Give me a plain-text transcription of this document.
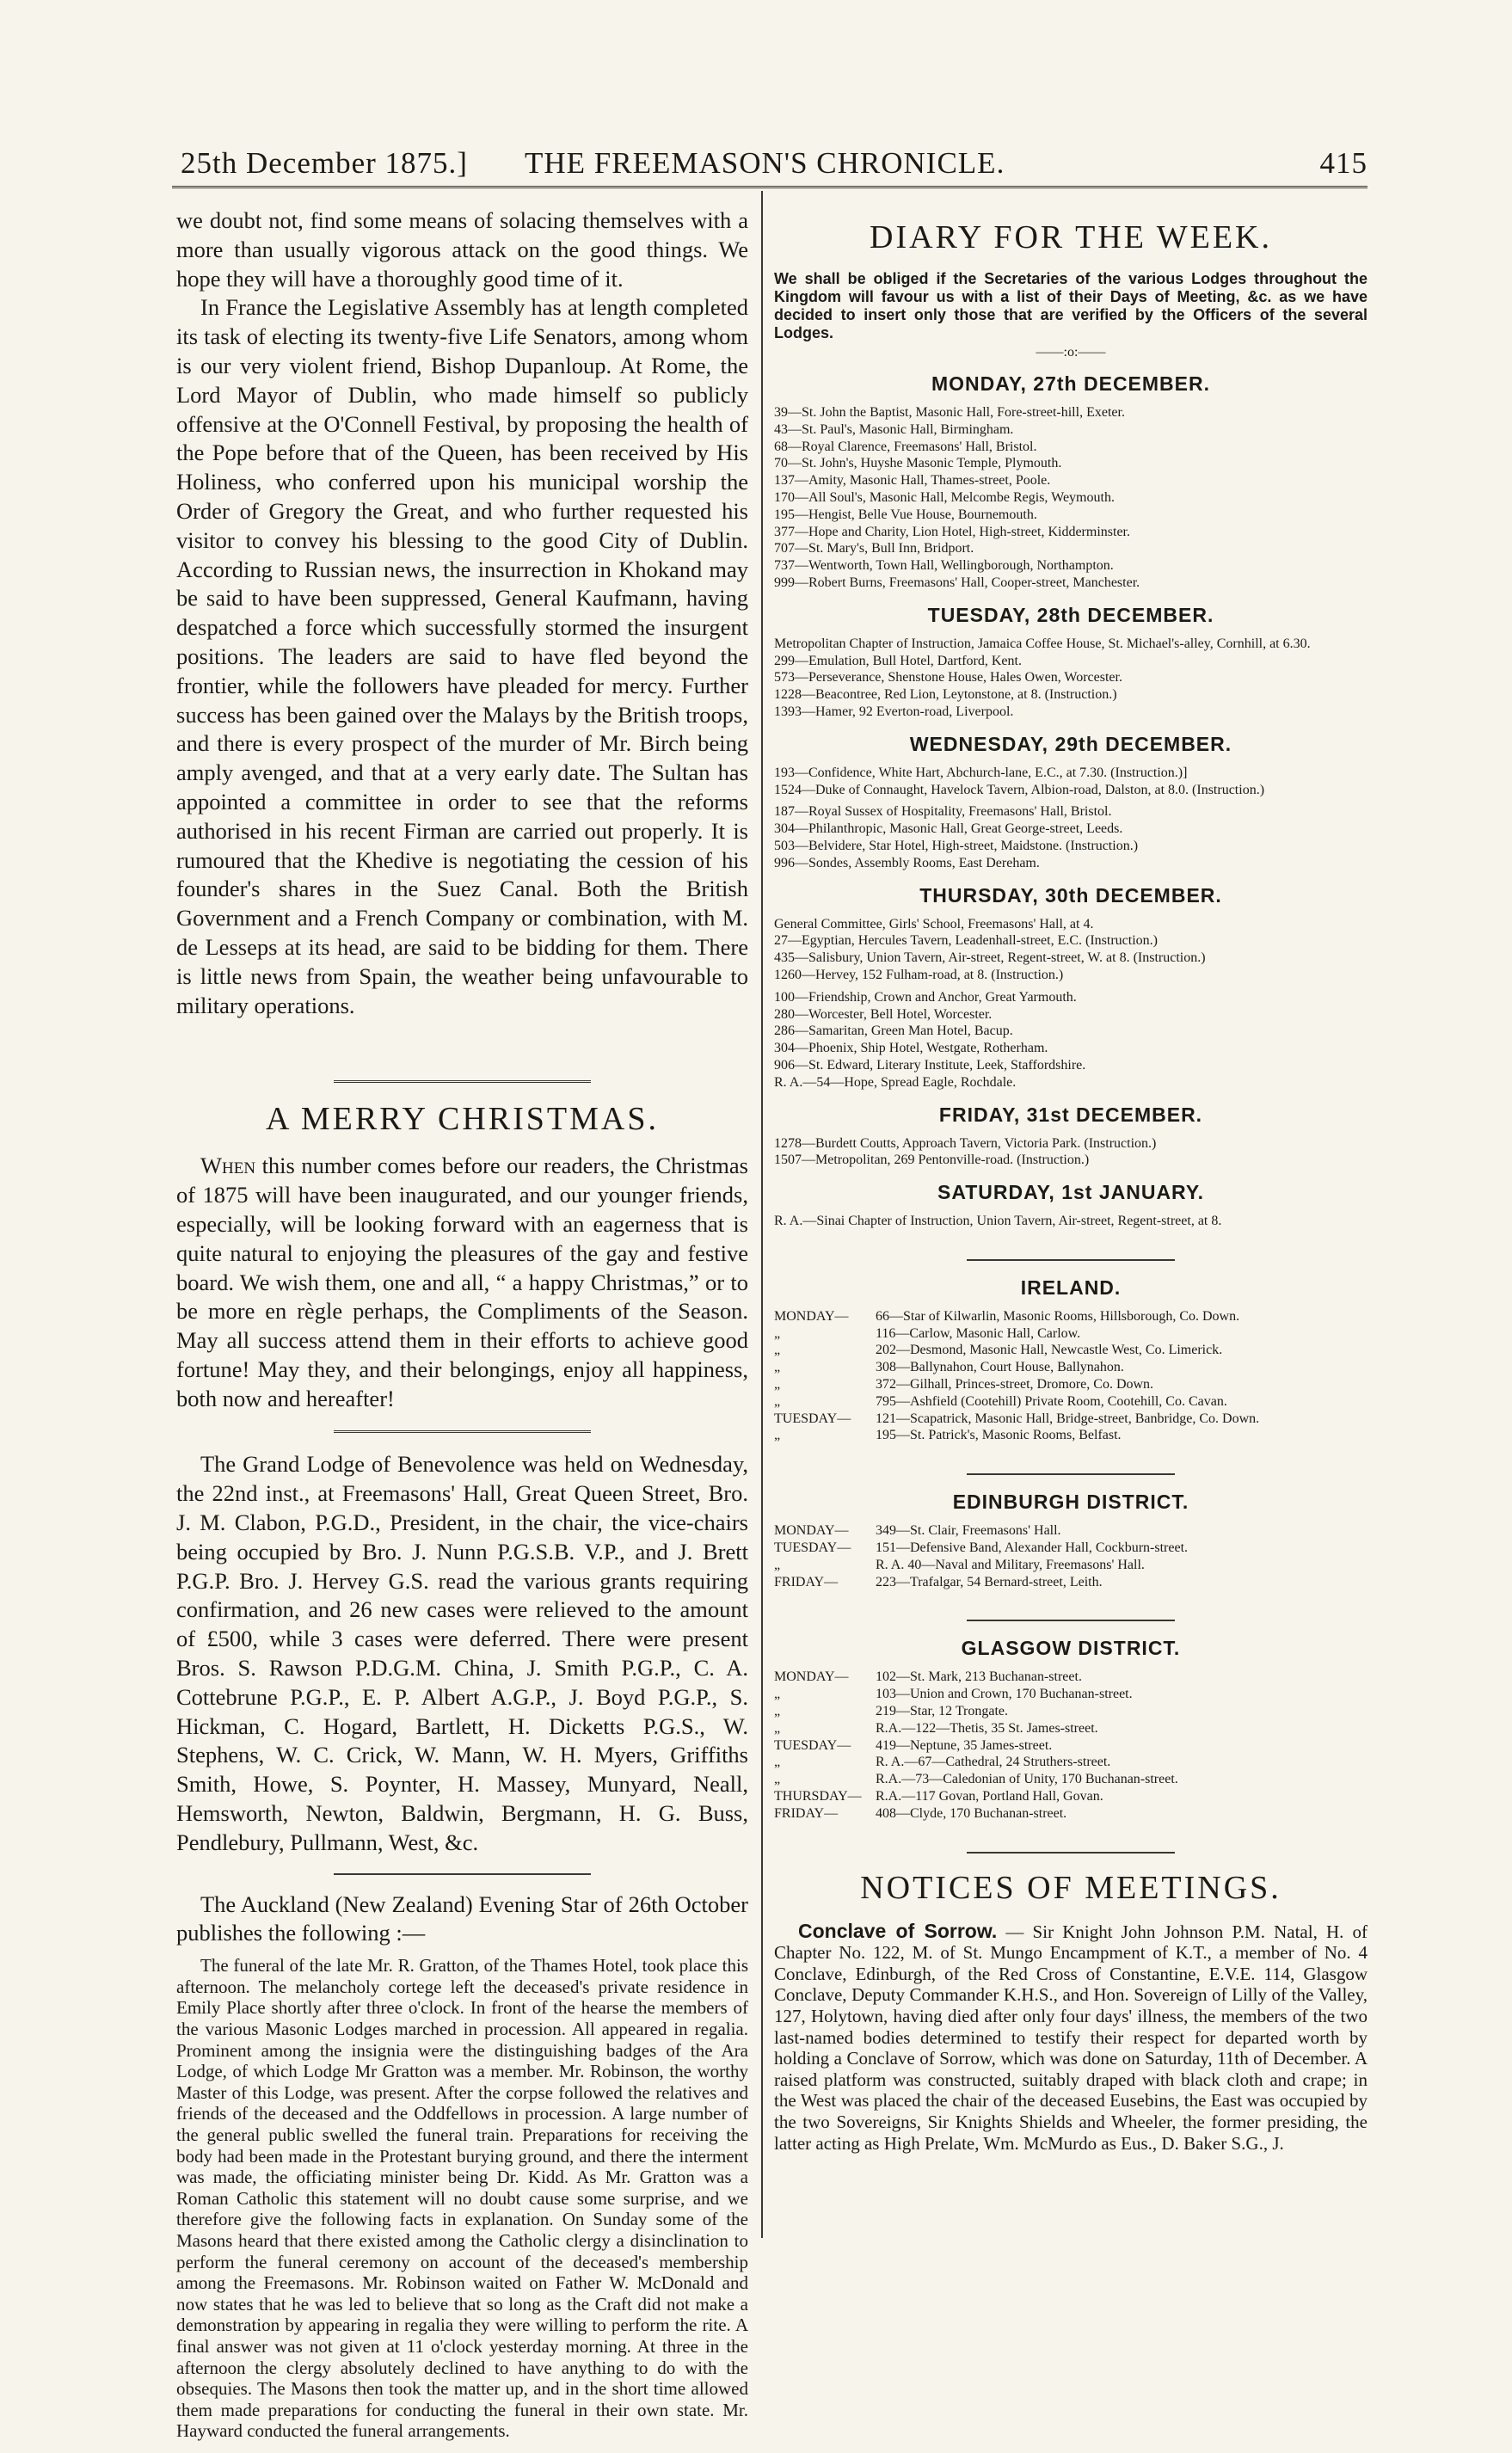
25th December 1875.] THE FREEMASON'S CHRONICLE.	415

we doubt not, find some means of solacing themselves with a more than usually vigorous attack on the good things. We hope they will have a thoroughly good time of it.

In France the Legislative Assembly has at length completed its task of electing its twenty-five Life Senators, among whom is our very violent friend, Bishop Dupanloup. At Rome, the Lord Mayor of Dublin, who made himself so publicly offensive at the O'Connell Festival, by proposing the health of the Pope before that of the Queen, has been received by His Holiness, who conferred upon his municipal worship the Order of Gregory the Great, and who further requested his visitor to convey his blessing to the good City of Dublin. According to Russian news, the insurrection in Khokand may be said to have been suppressed, General Kaufmann, having despatched a force which successfully stormed the insurgent positions. The leaders are said to have fled beyond the frontier, while the followers have pleaded for mercy. Further success has been gained over the Malays by the British troops, and there is every prospect of the murder of Mr. Birch being amply avenged, and that at a very early date. The Sultan has appointed a committee in order to see that the reforms authorised in his recent Firman are carried out properly. It is rumoured that the Khedive is negotiating the cession of his founder's shares in the Suez Canal. Both the British Government and a French Company or combination, with M. de Lesseps at its head, are said to be bidding for them. There is little news from Spain, the weather being unfavourable to military operations.

A MERRY CHRISTMAS.

When this number comes before our readers, the Christmas of 1875 will have been inaugurated, and our younger friends, especially, will be looking forward with an eagerness that is quite natural to enjoying the pleasures of the gay and festive board. We wish them, one and all, “ a happy Christmas,” or to be more en règle perhaps, the Compliments of the Season. May all success attend them in their efforts to achieve good fortune! May they, and their belongings, enjoy all happiness, both now and hereafter!

The Grand Lodge of Benevolence was held on Wednesday, the 22nd inst., at Freemasons' Hall, Great Queen Street, Bro. J. M. Clabon, P.G.D., President, in the chair, the vice-chairs being occupied by Bro. J. Nunn P.G.S.B. V.P., and J. Brett P.G.P. Bro. J. Hervey G.S. read the various grants requiring confirmation, and 26 new cases were relieved to the amount of £500, while 3 cases were deferred. There were present Bros. S. Rawson P.D.G.M. China, J. Smith P.G.P., C. A. Cottebrune P.G.P., E. P. Albert A.G.P., J. Boyd P.G.P., S. Hickman, C. Hogard, Bartlett, H. Dicketts P.G.S., W. Stephens, W. C. Crick, W. Mann, W. H. Myers, Griffiths Smith, Howe, S. Poynter, H. Massey, Munyard, Neall, Hemsworth, Newton, Baldwin, Bergmann, H. G. Buss, Pendlebury, Pullmann, West, &c.

The Auckland (New Zealand) Evening Star of 26th October publishes the following :—

The funeral of the late Mr. R. Gratton, of the Thames Hotel, took place this afternoon. The melancholy cortege left the deceased's private residence in Emily Place shortly after three o'clock. In front of the hearse the members of the various Masonic Lodges marched in procession. All appeared in regalia. Prominent among the insignia were the distinguishing badges of the Ara Lodge, of which Lodge Mr Gratton was a member. Mr. Robinson, the worthy Master of this Lodge, was present. After the corpse followed the relatives and friends of the deceased and the Oddfellows in procession. A large number of the general public swelled the funeral train. Preparations for receiving the body had been made in the Protestant burying ground, and there the interment was made, the officiating minister being Dr. Kidd. As Mr. Gratton was a Roman Catholic this statement will no doubt cause some surprise, and we therefore give the following facts in explanation. On Sunday some of the Masons heard that there existed among the Catholic clergy a disinclination to perform the funeral ceremony on account of the deceased's membership among the Freemasons. Mr. Robinson waited on Father W. McDonald and now states that he was led to believe that so long as the Craft did not make a demonstration by appearing in regalia they were willing to perform the rite. A final answer was not given at 11 o'clock yesterday morning. At three in the afternoon the clergy absolutely declined to have anything to do with the obsequies. The Masons then took the matter up, and in the short time allowed them made preparations for conducting the funeral in their own state. Mr. Hayward conducted the funeral arrangements.

DIARY FOR THE WEEK.

We shall be obliged if the Secretaries of the various Lodges throughout the Kingdom will favour us with a list of their Days of Meeting, &c. as we have decided to insert only those that are verified by the Officers of the several Lodges.

——:o:——
MONDAY, 27th DECEMBER.
39—St. John the Baptist, Masonic Hall, Fore-street-hill, Exeter.
43—St. Paul's, Masonic Hall, Birmingham.
68—Royal Clarence, Freemasons' Hall, Bristol.
70—St. John's, Huyshe Masonic Temple, Plymouth.
137—Amity, Masonic Hall, Thames-street, Poole.
170—All Soul's, Masonic Hall, Melcombe Regis, Weymouth.
195—Hengist, Belle Vue House, Bournemouth.
377—Hope and Charity, Lion Hotel, High-street, Kidderminster.
707—St. Mary's, Bull Inn, Bridport.
737—Wentworth, Town Hall, Wellingborough, Northampton.
999—Robert Burns, Freemasons' Hall, Cooper-street, Manchester.
TUESDAY, 28th DECEMBER.
Metropolitan Chapter of Instruction, Jamaica Coffee House, St. Michael's-alley, Cornhill, at 6.30.
299—Emulation, Bull Hotel, Dartford, Kent.
573—Perseverance, Shenstone House, Hales Owen, Worcester.
1228—Beacontree, Red Lion, Leytonstone, at 8. (Instruction.)
1393—Hamer, 92 Everton-road, Liverpool.
WEDNESDAY, 29th DECEMBER.
193—Confidence, White Hart, Abchurch-lane, E.C., at 7.30. (Instruction.)]
1524—Duke of Connaught, Havelock Tavern, Albion-road, Dalston, at 8.0. (Instruction.)
187—Royal Sussex of Hospitality, Freemasons' Hall, Bristol.
304—Philanthropic, Masonic Hall, Great George-street, Leeds.
503—Belvidere, Star Hotel, High-street, Maidstone. (Instruction.)
996—Sondes, Assembly Rooms, East Dereham.
THURSDAY, 30th DECEMBER.
General Committee, Girls' School, Freemasons' Hall, at 4.
27—Egyptian, Hercules Tavern, Leadenhall-street, E.C. (Instruction.)
435—Salisbury, Union Tavern, Air-street, Regent-street, W. at 8. (Instruction.)
1260—Hervey, 152 Fulham-road, at 8. (Instruction.)
100—Friendship, Crown and Anchor, Great Yarmouth.
280—Worcester, Bell Hotel, Worcester.
286—Samaritan, Green Man Hotel, Bacup.
304—Phoenix, Ship Hotel, Westgate, Rotherham.
906—St. Edward, Literary Institute, Leek, Staffordshire.
R. A.—54—Hope, Spread Eagle, Rochdale.
FRIDAY, 31st DECEMBER.
1278—Burdett Coutts, Approach Tavern, Victoria Park. (Instruction.)
1507—Metropolitan, 269 Pentonville-road. (Instruction.)
SATURDAY, 1st JANUARY.
R. A.—Sinai Chapter of Instruction, Union Tavern, Air-street, Regent-street, at 8.
IRELAND.
MONDAY—	66—Star of Kilwarlin, Masonic Rooms, Hillsborough, Co. Down.
„	116—Carlow, Masonic Hall, Carlow.
„	202—Desmond, Masonic Hall, Newcastle West, Co. Limerick.
„	308—Ballynahon, Court House, Ballynahon.
„	372—Gilhall, Princes-street, Dromore, Co. Down.
„	795—Ashfield (Cootehill) Private Room, Cootehill, Co. Cavan.
TUESDAY—	121—Scapatrick, Masonic Hall, Bridge-street, Banbridge, Co. Down.
„	195—St. Patrick's, Masonic Rooms, Belfast.
EDINBURGH DISTRICT.
MONDAY—	349—St. Clair, Freemasons' Hall.
TUESDAY—	151—Defensive Band, Alexander Hall, Cockburn-street.
„	R. A. 40—Naval and Military, Freemasons' Hall.
FRIDAY—	223—Trafalgar, 54 Bernard-street, Leith.
GLASGOW DISTRICT.
MONDAY—	102—St. Mark, 213 Buchanan-street.
„	103—Union and Crown, 170 Buchanan-street.
„	219—Star, 12 Trongate.
„	R.A.—122—Thetis, 35 St. James-street.
TUESDAY—	419—Neptune, 35 James-street.
„	R. A.—67—Cathedral, 24 Struthers-street.
„	R.A.—73—Caledonian of Unity, 170 Buchanan-street.
THURSDAY—	R.A.—117 Govan, Portland Hall, Govan.
FRIDAY—	408—Clyde, 170 Buchanan-street.
NOTICES OF MEETINGS.

Conclave of Sorrow. — Sir Knight John Johnson P.M. Natal, H. of Chapter No. 122, M. of St. Mungo Encampment of K.T., a member of No. 4 Conclave, Edinburgh, of the Red Cross of Constantine, E.V.E. 114, Glasgow Conclave, Deputy Commander K.H.S., and Hon. Sovereign of Lilly of the Valley, 127, Holytown, having died after only four days' illness, the members of the two last-named bodies determined to testify their respect for departed worth by holding a Conclave of Sorrow, which was done on Saturday, 11th of December. A raised platform was constructed, suitably draped with black cloth and crape; in the West was placed the chair of the deceased Eusebins, the East was occupied by the two Sovereigns, Sir Knights Shields and Wheeler, the former presiding, the latter acting as High Prelate, Wm. McMurdo as Eus., D. Baker S.G., J.
